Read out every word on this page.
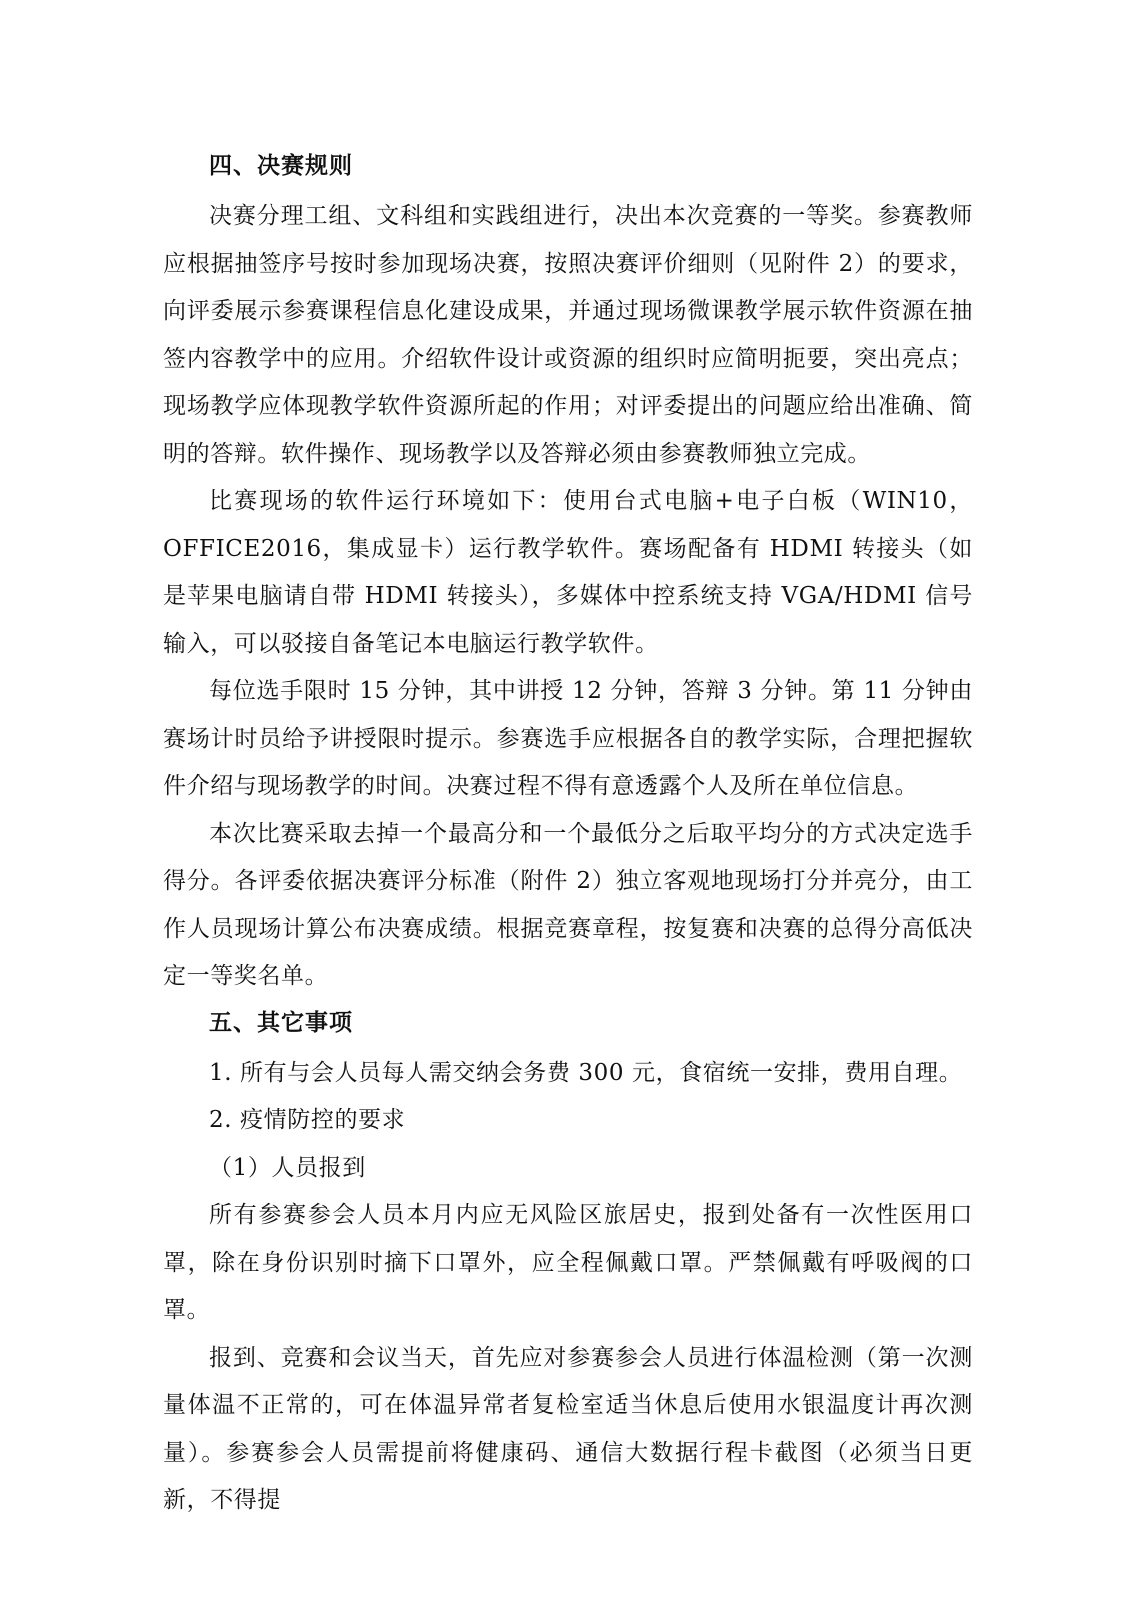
四、决赛规则

决赛分理工组、文科组和实践组进行，决出本次竞赛的一等奖。参赛教师应根据抽签序号按时参加现场决赛，按照决赛评价细则（见附件 2）的要求，向评委展示参赛课程信息化建设成果，并通过现场微课教学展示软件资源在抽签内容教学中的应用。介绍软件设计或资源的组织时应简明扼要，突出亮点；现场教学应体现教学软件资源所起的作用；对评委提出的问题应给出准确、简明的答辩。软件操作、现场教学以及答辩必须由参赛教师独立完成。

比赛现场的软件运行环境如下：使用台式电脑+电子白板（WIN10，OFFICE2016，集成显卡）运行教学软件。赛场配备有 HDMI 转接头（如是苹果电脑请自带 HDMI 转接头），多媒体中控系统支持 VGA/HDMI 信号输入，可以驳接自备笔记本电脑运行教学软件。

每位选手限时 15 分钟，其中讲授 12 分钟，答辩 3 分钟。第 11 分钟由赛场计时员给予讲授限时提示。参赛选手应根据各自的教学实际，合理把握软件介绍与现场教学的时间。决赛过程不得有意透露个人及所在单位信息。

本次比赛采取去掉一个最高分和一个最低分之后取平均分的方式决定选手得分。各评委依据决赛评分标准（附件 2）独立客观地现场打分并亮分，由工作人员现场计算公布决赛成绩。根据竞赛章程，按复赛和决赛的总得分高低决定一等奖名单。

五、其它事项

1. 所有与会人员每人需交纳会务费 300 元，食宿统一安排，费用自理。

2. 疫情防控的要求

（1）人员报到

所有参赛参会人员本月内应无风险区旅居史，报到处备有一次性医用口罩，除在身份识别时摘下口罩外，应全程佩戴口罩。严禁佩戴有呼吸阀的口罩。

报到、竞赛和会议当天，首先应对参赛参会人员进行体温检测（第一次测量体温不正常的，可在体温异常者复检室适当休息后使用水银温度计再次测量）。参赛参会人员需提前将健康码、通信大数据行程卡截图（必须当日更新，不得提
